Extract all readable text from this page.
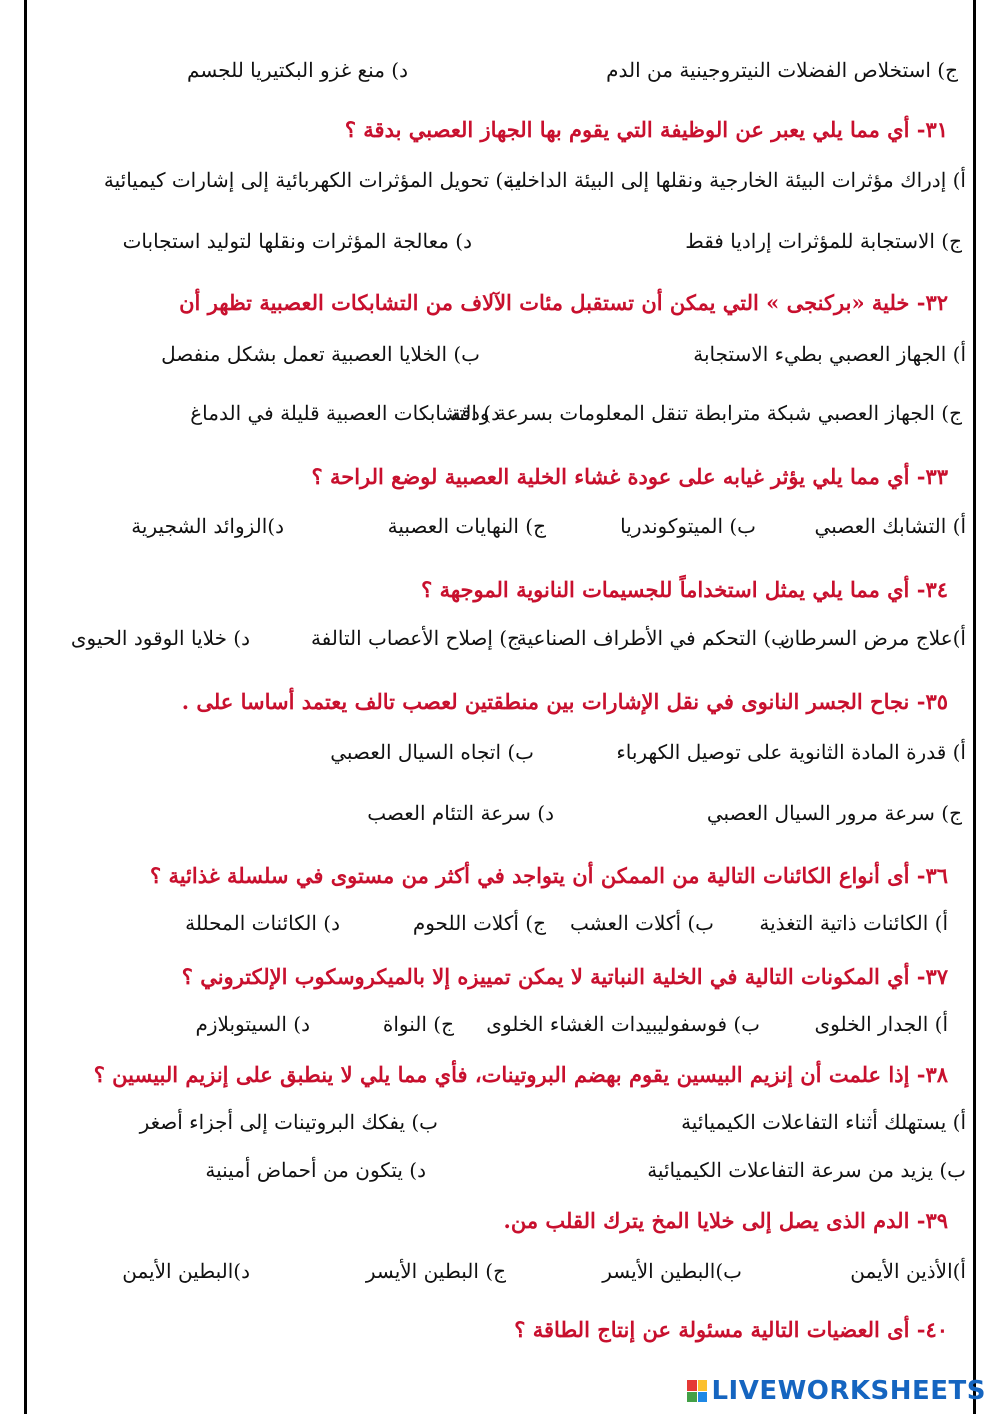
ج) استخلاص الفضلات النيتروجينية من الدم
د) منع غزو البكتيريا للجسم
٣١- أي مما يلي يعبر عن الوظيفة التي يقوم بها الجهاز العصبي بدقة ؟
أ) إدراك مؤثرات البيئة الخارجية ونقلها إلى البيئة الداخلية
ب) تحويل المؤثرات الكهربائية إلى إشارات كيميائية
ج) الاستجابة للمؤثرات إراديا فقط
د) معالجة المؤثرات ونقلها لتوليد استجابات
٣٢- خلية «بركنجى » التي يمكن أن تستقبل مئات الآلاف من التشابكات العصبية تظهر أن
أ) الجهاز العصبي بطيء الاستجابة
ب) الخلايا العصبية تعمل بشكل منفصل
ج) الجهاز العصبي شبكة مترابطة تنقل المعلومات بسرعة ودقة
د) التشابكات العصبية قليلة في الدماغ
٣٣- أي مما يلي يؤثر غيابه على عودة غشاء الخلية العصبية لوضع الراحة ؟
أ) التشابك العصبي
ب) الميتوكوندريا
ج) النهايات العصبية
د)الزوائد الشجيرية
٣٤- أي مما يلي يمثل استخداماً للجسيمات النانوية الموجهة ؟
أ)علاج مرض السرطان
ب) التحكم في الأطراف الصناعية
ج) إصلاح الأعصاب التالفة
د) خلايا الوقود الحيوى
٣٥- نجاح الجسر النانوى في نقل الإشارات بين منطقتين لعصب تالف يعتمد أساسا على .
أ) قدرة المادة الثانوية على توصيل الكهرباء
ب) اتجاه السيال العصبي
ج) سرعة مرور السيال العصبي
د) سرعة التئام العصب
٣٦- أى أنواع الكائنات التالية من الممكن أن يتواجد في أكثر من مستوى في سلسلة غذائية ؟
أ) الكائنات ذاتية التغذية
ب) أكلات العشب
ج) أكلات اللحوم
د) الكائنات المحللة
٣٧- أي المكونات التالية في الخلية النباتية لا يمكن تمييزه إلا بالميكروسكوب الإلكتروني ؟
أ) الجدار الخلوى
ب) فوسفوليبيدات الغشاء الخلوى
ج) النواة
د) السيتوبلازم
٣٨- إذا علمت أن إنزيم البيسين يقوم بهضم البروتينات، فأي مما يلي لا ينطبق على إنزيم البيسين ؟
أ) يستهلك أثناء التفاعلات الكيميائية
ب) يفكك البروتينات إلى أجزاء أصغر
ب) يزيد من سرعة التفاعلات الكيميائية
د) يتكون من أحماض أمينية
٣٩- الدم الذى يصل إلى خلايا المخ يترك القلب من.
أ)الأذين الأيمن
ب)البطين الأيسر
ج) البطين الأيسر
د)البطين الأيمن
٤٠- أى العضيات التالية مسئولة عن إنتاج الطاقة ؟
LIVEWORKSHEETS
